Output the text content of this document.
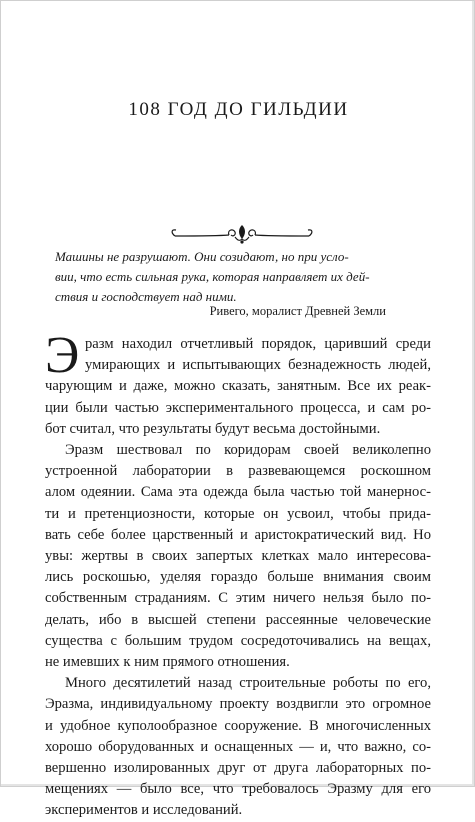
108 ГОД ДО ГИЛЬДИИ
Машины не разрушают. Они созидают, но при усло-
вии, что есть сильная рука, которая направляет их дей-
ствия и господствует над ними.
Ривего, моралист Древней Земли
Э разм находил отчетливый порядок, царивший среди
умирающих и испытывающих безнадежность людей,
чарующим и даже, можно сказать, занятным. Все их реак-
ции были частью экспериментального процесса, и сам ро-
бот считал, что результаты будут весьма достойными.
Эразм шествовал по коридорам своей великолепно
устроенной лаборатории в развевающемся роскошном
алом одеянии. Сама эта одежда была частью той манернос-
ти и претенциозности, которые он усвоил, чтобы прида-
вать себе более царственный и аристократический вид. Но
увы: жертвы в своих запертых клетках мало интересова-
лись роскошью, уделяя гораздо больше внимания своим
собственным страданиям. С этим ничего нельзя было по-
делать, ибо в высшей степени рассеянные человеческие
существа с большим трудом сосредоточивались на вещах,
не имевших к ним прямого отношения.
Много десятилетий назад строительные роботы по его,
Эразма, индивидуальному проекту воздвигли это огромное
и удобное куполообразное сооружение. В многочисленных
хорошо оборудованных и оснащенных — и, что важно, со-
вершенно изолированных друг от друга лабораторных по-
мещениях — было все, что требовалось Эразму для его
экспериментов и исследований.
